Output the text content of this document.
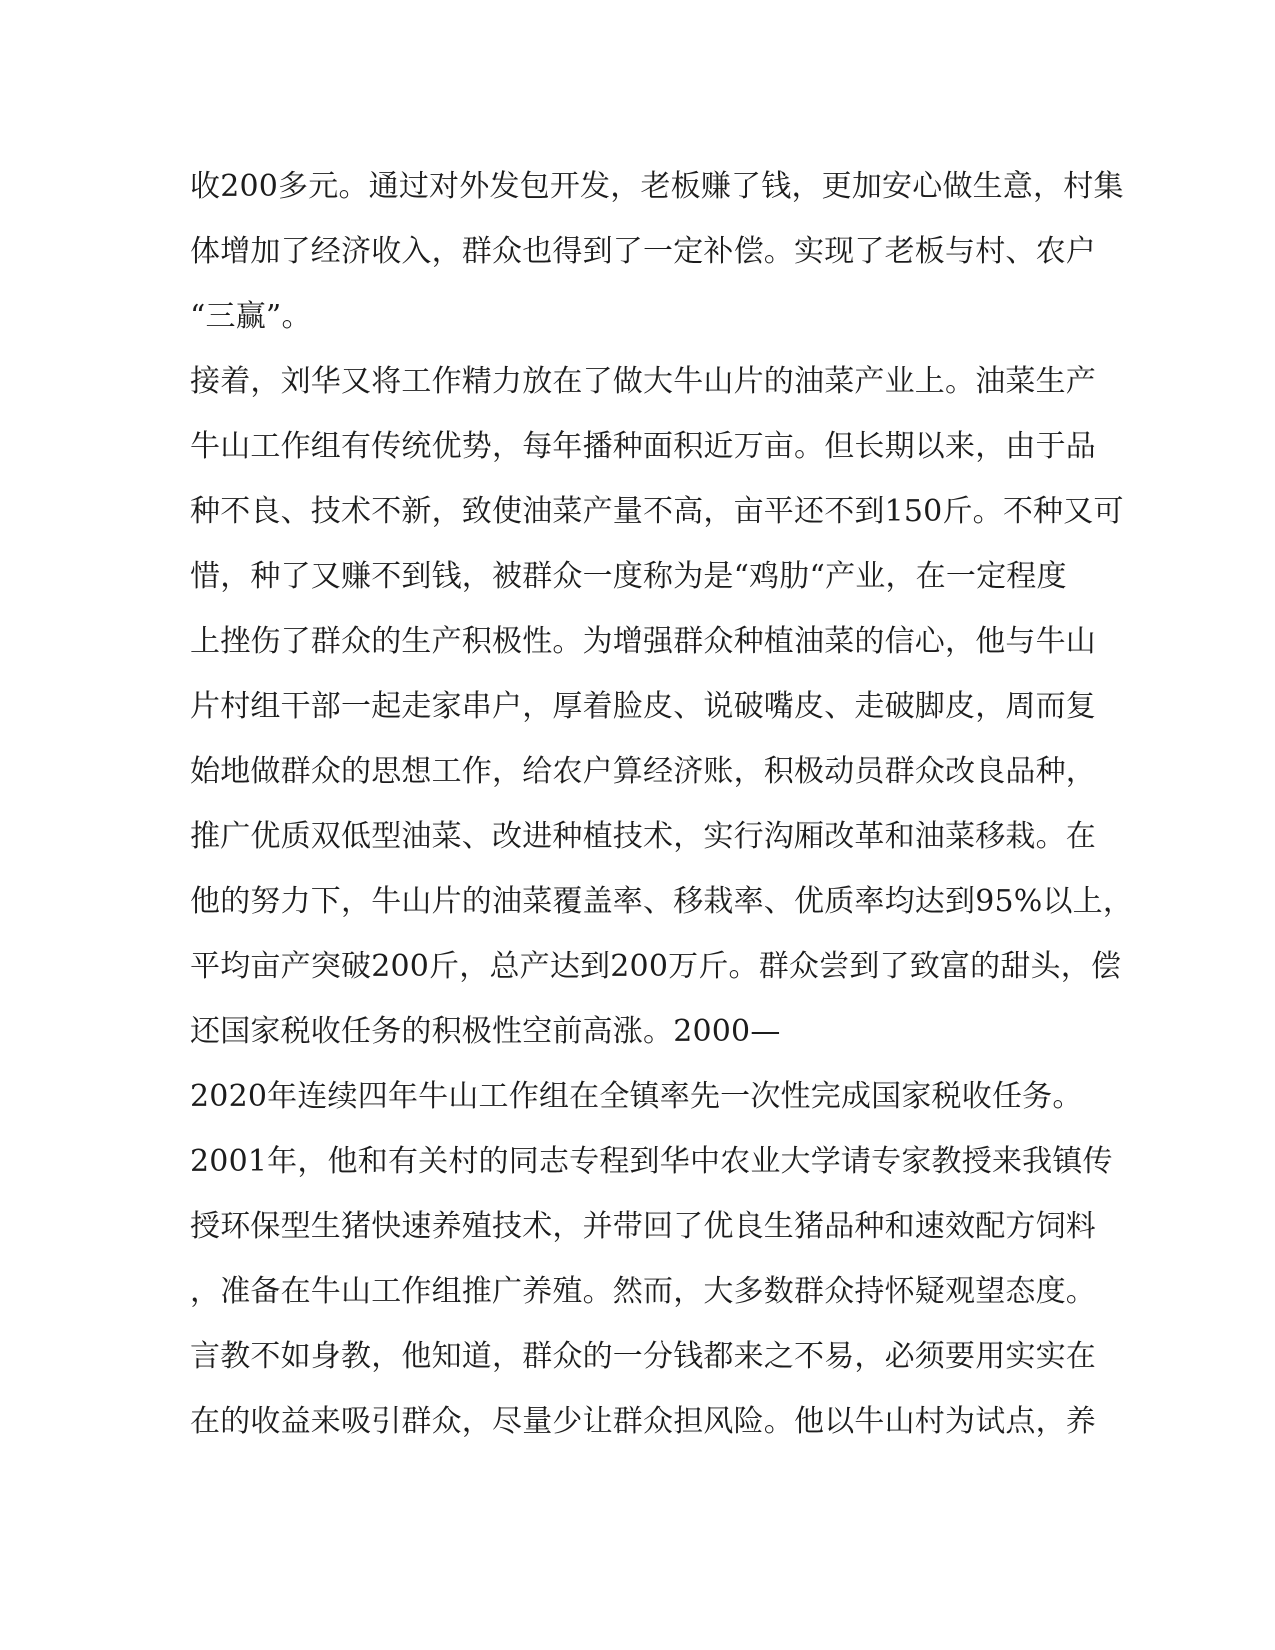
收200多元。通过对外发包开发，老板赚了钱，更加安心做生意，村集
体增加了经济收入，群众也得到了一定补偿。实现了老板与村、农户
“三赢”。
接着，刘华又将工作精力放在了做大牛山片的油菜产业上。油菜生产
牛山工作组有传统优势，每年播种面积近万亩。但长期以来，由于品
种不良、技术不新，致使油菜产量不高，亩平还不到150斤。不种又可
惜，种了又赚不到钱，被群众一度称为是“鸡肋“产业，在一定程度
上挫伤了群众的生产积极性。为增强群众种植油菜的信心，他与牛山
片村组干部一起走家串户，厚着脸皮、说破嘴皮、走破脚皮，周而复
始地做群众的思想工作，给农户算经济账，积极动员群众改良品种，
推广优质双低型油菜、改进种植技术，实行沟厢改革和油菜移栽。在
他的努力下，牛山片的油菜覆盖率、移栽率、优质率均达到95%以上，
平均亩产突破200斤，总产达到200万斤。群众尝到了致富的甜头，偿
还国家税收任务的积极性空前高涨。2000—
2020年连续四年牛山工作组在全镇率先一次性完成国家税收任务。
2001年，他和有关村的同志专程到华中农业大学请专家教授来我镇传
授环保型生猪快速养殖技术，并带回了优良生猪品种和速效配方饲料
，准备在牛山工作组推广养殖。然而，大多数群众持怀疑观望态度。
言教不如身教，他知道，群众的一分钱都来之不易，必须要用实实在
在的收益来吸引群众，尽量少让群众担风险。他以牛山村为试点，养
